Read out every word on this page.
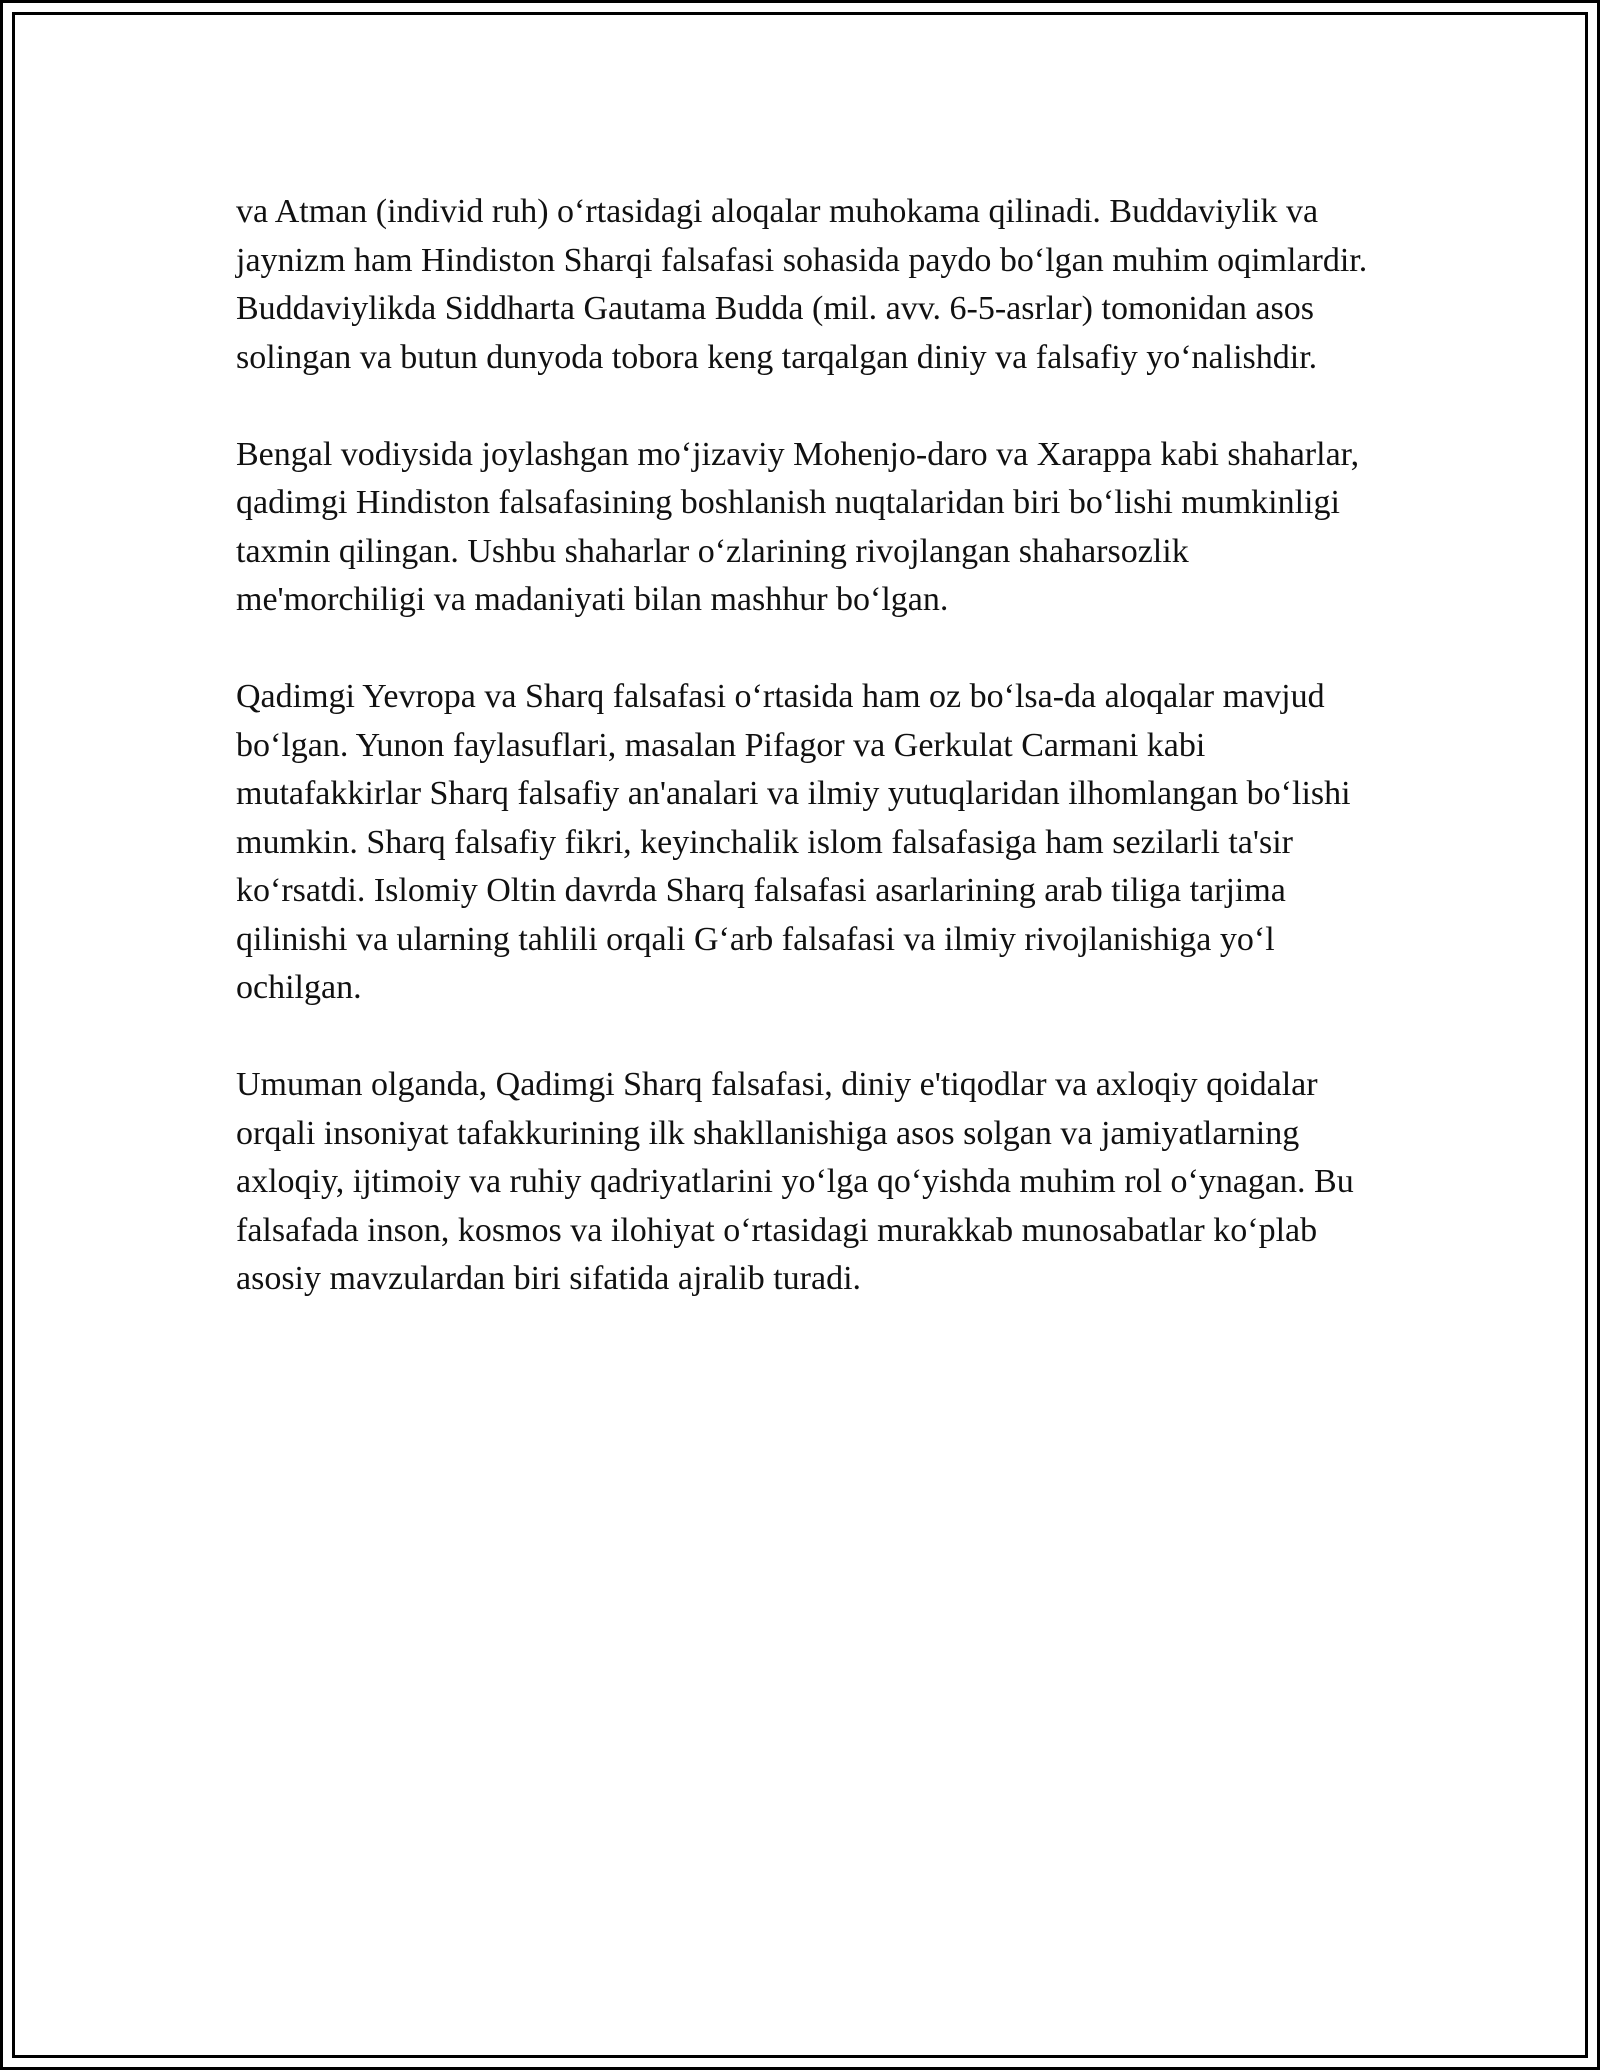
va Atman (individ ruh) o‘rtasidagi aloqalar muhokama qilinadi. Buddaviylik va jaynizm ham Hindiston Sharqi falsafasi sohasida paydo bo‘lgan muhim oqimlardir. Buddaviylikda Siddharta Gautama Budda (mil. avv. 6-5-asrlar) tomonidan asos solingan va butun dunyoda tobora keng tarqalgan diniy va falsafiy yo‘nalishdir.

Bengal vodiysida joylashgan mo‘jizaviy Mohenjo-daro va Xarappa kabi shaharlar, qadimgi Hindiston falsafasining boshlanish nuqtalaridan biri bo‘lishi mumkinligi taxmin qilingan. Ushbu shaharlar o‘zlarining rivojlangan shaharsozlik me'morchiligi va madaniyati bilan mashhur bo‘lgan.

Qadimgi Yevropa va Sharq falsafasi o‘rtasida ham oz bo‘lsa-da aloqalar mavjud bo‘lgan. Yunon faylasuflari, masalan Pifagor va Gerkulat Carmani kabi mutafakkirlar Sharq falsafiy an'analari va ilmiy yutuqlaridan ilhomlangan bo‘lishi mumkin. Sharq falsafiy fikri, keyinchalik islom falsafasiga ham sezilarli ta'sir ko‘rsatdi. Islomiy Oltin davrda Sharq falsafasi asarlarining arab tiliga tarjima qilinishi va ularning tahlili orqali G‘arb falsafasi va ilmiy rivojlanishiga yo‘l ochilgan.

Umuman olganda, Qadimgi Sharq falsafasi, diniy e'tiqodlar va axloqiy qoidalar orqali insoniyat tafakkurining ilk shakllanishiga asos solgan va jamiyatlarning axloqiy, ijtimoiy va ruhiy qadriyatlarini yo‘lga qo‘yishda muhim rol o‘ynagan. Bu falsafada inson, kosmos va ilohiyat o‘rtasidagi murakkab munosabatlar ko‘plab asosiy mavzulardan biri sifatida ajralib turadi.
